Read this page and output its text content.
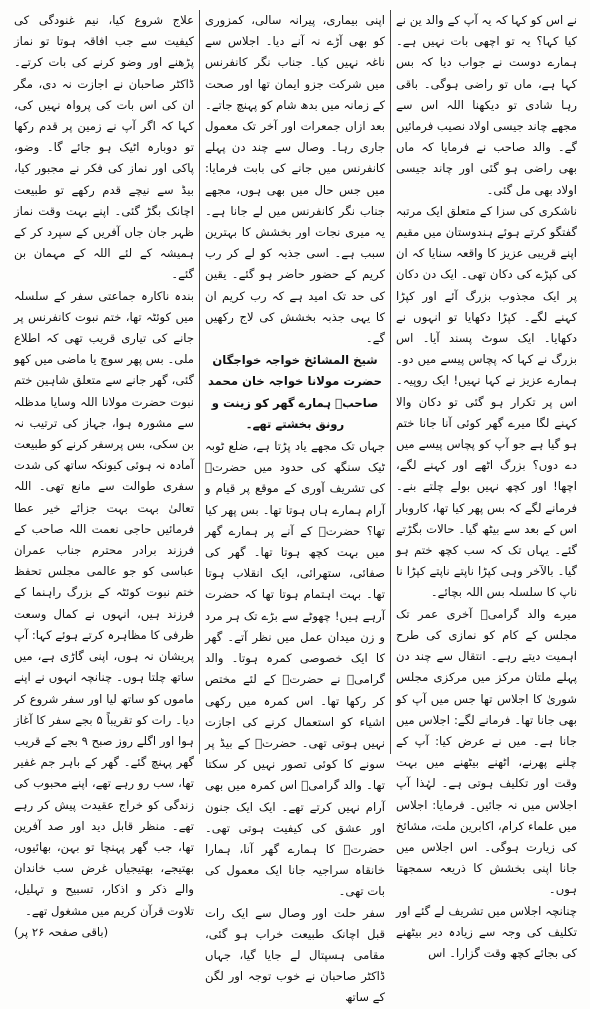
نے اس کو کہا کہ یہ آپ کے والد ین نے کیا کہا؟ یہ تو اچھی بات نہیں ہے۔ ہمارے دوست نے جواب دیا کہ بس کہا ہے، ماں تو راضی ہوگی۔ باقی رہا شادی تو دیکھنا اللہ اس سے مجھے چاند جیسی اولاد نصیب فرمائیں گے۔ والد صاحب نے فرمایا کہ ماں بھی راضی ہو گئی اور چاند جیسی اولاد بھی مل گئی۔

ناشکری کی سزا کے متعلق ایک مرتبہ گفتگو کرتے ہوئے ہندوستان میں مقیم اپنے قریبی عزیز کا واقعہ سنایا کہ ان کی کپڑے کی دکان تھی۔ ایک دن دکان پر ایک مجذوب بزرگ آئے اور کپڑا کہنے لگے۔ کپڑا دکھایا تو انہوں نے دکھایا۔ ایک سوٹ پسند آیا۔ اس بزرگ نے کہا کہ پچاس پیسے میں دو۔ ہمارے عزیز نے کہا نہیں! ایک روپیہ۔ اس پر تکرار ہو گئی تو دکان والا کہنے لگا میرے گھر کوئی آنا جانا ختم ہو گیا ہے جو آپ کو پچاس پیسے میں دے دوں؟ بزرگ اٹھے اور کہنے لگے، اچھا! اور کچھ نہیں بولے چلتے بنے۔ فرمانے لگے کہ بس پھر کیا تھا، کاروبار اس کے بعد سے بیٹھ گیا۔ حالات بگڑتے گئے۔ یہاں تک کہ سب کچھ ختم ہو گیا۔ بالآخر وہی کپڑا ناپتے ناپتے کپڑا نا ناپ کا سلسلہ بس اللہ بچائے۔

میرے والد گرامیؒ آخری عمر تک مجلس کے کام کو نمازی کی طرح اہمیت دیتے رہے۔ انتقال سے چند دن پہلے ملتان مرکز میں مرکزی مجلس شوریٰ کا اجلاس تھا جس میں آپ کو بھی جانا تھا۔ فرمانے لگے: اجلاس میں جانا ہے۔ میں نے عرض کیا: آپ کے چلنے پھرنے، اٹھنے بیٹھنے میں بہت وقت اور تکلیف ہوتی ہے۔ لہٰذا آپ اجلاس میں نہ جائیں۔ فرمایا: اجلاس میں علماء کرام، اکابرین ملت، مشائخ کی زیارت ہوگی۔ اس اجلاس میں جانا اپنی بخشش کا ذریعہ سمجھتا ہوں۔

چنانچہ اجلاس میں تشریف لے گئے اور تکلیف کی وجہ سے زیادہ دیر بیٹھنے کی بجائے کچھ وقت گزارا۔ اس

اپنی بیماری، پیرانہ سالی، کمزوری کو بھی آڑے نہ آنے دیا۔ اجلاس سے ناغہ نہیں کیا۔ جناب نگر کانفرنس میں شرکت جزو ایمان تھا اور صحت کے زمانہ میں بدھ شام کو پہنچ جاتے۔ بعد ازاں جمعرات اور آخر تک معمول جاری رہا۔ وصال سے چند دن پہلے کانفرنس میں جانے کی بابت فرمایا: میں جس حال میں بھی ہوں، مجھے جناب نگر کانفرنس میں لے جانا ہے۔ یہ میری نجات اور بخشش کا بہترین سبب ہے۔ اسی جذبہ کو لے کر رب کریم کے حضور حاضر ہو گئے۔ یقین کی حد تک امید ہے کہ رب کریم ان کا یہی جذبہ بخشش کی لاج رکھیں گے۔

شیخ المشائخ خواجہ خواجگان حضرت مولانا خواجہ خان محمد صاحبؒ ہمارے گھر کو زینت و رونق بخشتے تھے۔

جہاں تک مجھے یاد پڑتا ہے، ضلع ٹوبہ ٹیک سنگھ کی حدود میں حضرتؒ کی تشریف آوری کے موقع پر قیام و آرام ہمارے ہاں ہوتا تھا۔ بس پھر کیا تھا؟ حضرتؒ کے آنے پر ہمارے گھر میں بہت کچھ ہوتا تھا۔ گھر کی صفائی، ستھرائی، ایک انقلاب ہوتا تھا۔ بہت اہتمام ہوتا تھا کہ حضرت آرہے ہیں! چھوٹے سے بڑے تک ہر مرد و زن میدان عمل میں نظر آتے۔ گھر کا ایک خصوصی کمرہ ہوتا۔ والد گرامیؒ نے حضرتؒ کے لئے مختص کر رکھا تھا۔ اس کمرہ میں رکھی اشیاء کو استعمال کرنے کی اجازت نہیں ہوتی تھی۔ حضرتؒ کے بیڈ پر سونے کا کوئی تصور نہیں کر سکتا تھا۔ والد گرامیؒ اس کمرہ میں بھی آرام نہیں کرتے تھے۔ ایک ایک جنون اور عشق کی کیفیت ہوتی تھی۔ حضرتؒ کا ہمارے گھر آنا، ہمارا خانقاہ سراجیہ جانا ایک معمول کی بات تھی۔

سفر حلت اور وصال سے ایک رات قبل اچانک طبیعت خراب ہو گئی، مقامی ہسپتال لے جایا گیا، جہاں ڈاکٹر صاحبان نے خوب توجہ اور لگن کے ساتھ

علاج شروع کیا، نیم غنودگی کی کیفیت سے جب افاقہ ہوتا تو نماز پڑھنے اور وضو کرنے کی بات کرتے۔ ڈاکٹر صاحبان نے اجازت نہ دی، مگر ان کی اس بات کی پرواہ نہیں کی، کہا کہ اگر آپ نے زمین پر قدم رکھا تو دوبارہ اٹیک ہو جائے گا۔ وضو، پاکی اور نماز کی فکر نے مجبور کیا، بیڈ سے نیچے قدم رکھے تو طبیعت اچانک بگڑ گئی۔ اپنے بہت وقت نماز ظہر جان جاں آفریں کے سپرد کر کے ہمیشہ کے لئے اللہ کے مہمان بن گئے۔

بندہ ناکارہ جماعتی سفر کے سلسلہ میں کوئٹہ تھا، ختم نبوت کانفرنس پر جانے کی تیاری قریب تھی کہ اطلاع ملی۔ بس پھر سوچ یا ماضی میں کھو گئی، گھر جانے سے متعلق شاہین ختم نبوت حضرت مولانا اللہ وسایا مدظلہ سے مشورہ ہوا، جہاز کی ترتیب نہ بن سکی، بس پرسفر کرنے کو طبیعت آمادہ نہ ہوئی کیونکہ ساتھ کی شدت سفری طوالت سے مانع تھی۔ اللہ تعالیٰ بہت بہت جزائے خیر عطا فرمائیں حاجی نعمت اللہ صاحب کے فرزند برادر محترم جناب عمران عباسی کو جو عالمی مجلس تحفظ ختم نبوت کوئٹہ کے بزرگ راہنما کے فرزند ہیں، انہوں نے کمال وسعت ظرفی کا مظاہرہ کرتے ہوئے کہا: آپ پریشان نہ ہوں، اپنی گاڑی ہے، میں ساتھ چلتا ہوں۔ چنانچہ انہوں نے اپنے ماموں کو ساتھ لیا اور سفر شروع کر دیا۔ رات کو تقریباً ۵ بجے سفر کا آغاز ہوا اور اگلے روز صبح ۹ بجے کے قریب گھر پہنچ گئے۔ گھر کے باہر جم غفیر تھا، سب رو رہے تھے، اپنے محبوب کی زندگی کو خراج عقیدت پیش کر رہے تھے۔ منظر قابل دید اور صد آفرین تھا، جب گھر پہنچا تو بہن، بھائیوں، بھتیجے، بھتیجیاں غرض سب خاندان والے ذکر و اذکار، تسبیح و تہلیل، تلاوت قرآن کریم میں مشغول تھے۔

(باقی صفحہ ۲۶ پر)
